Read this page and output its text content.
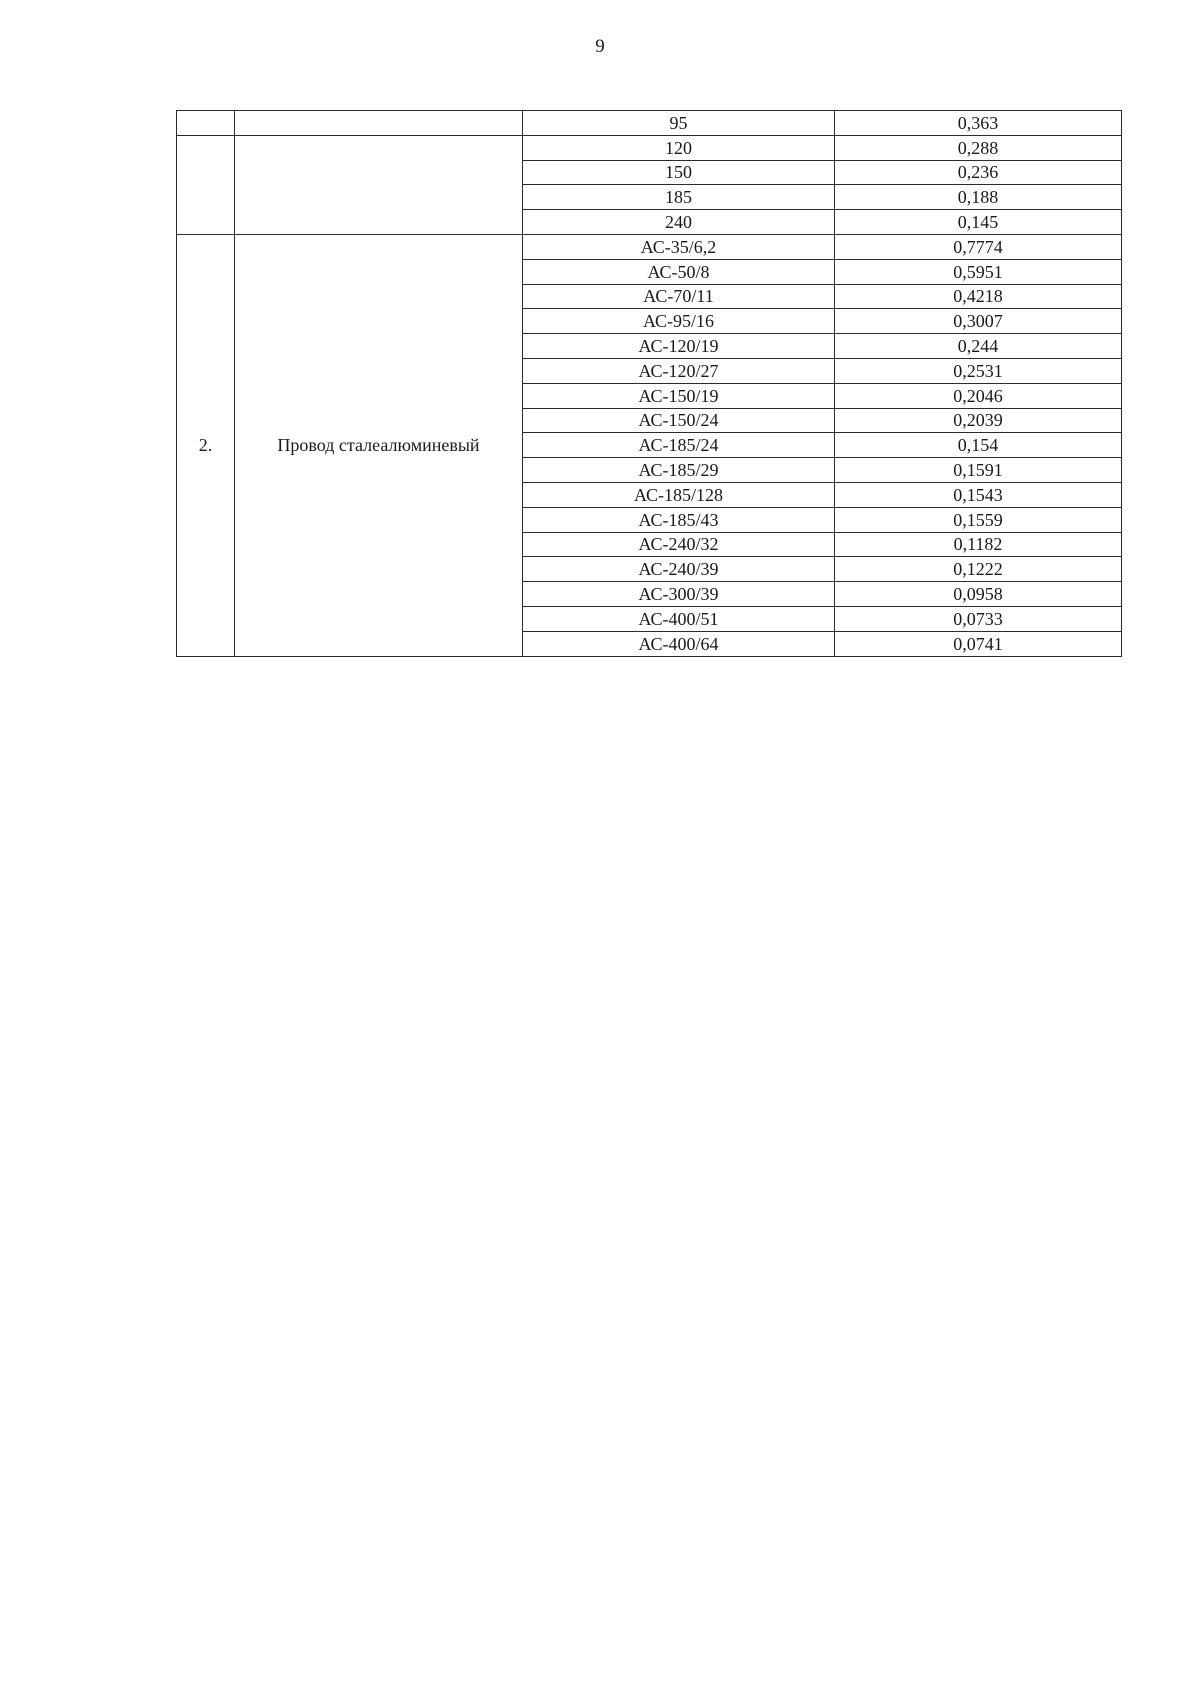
9
		95	0,363
		120	0,288
		150	0,236
		185	0,188
		240	0,145
2.	Провод сталеалюминевый	АС-35/6,2	0,7774
		АС-50/8	0,5951
		АС-70/11	0,4218
		АС-95/16	0,3007
		АС-120/19	0,244
		АС-120/27	0,2531
		АС-150/19	0,2046
		АС-150/24	0,2039
		АС-185/24	0,154
		АС-185/29	0,1591
		АС-185/128	0,1543
		АС-185/43	0,1559
		АС-240/32	0,1182
		АС-240/39	0,1222
		АС-300/39	0,0958
		АС-400/51	0,0733
		АС-400/64	0,0741
